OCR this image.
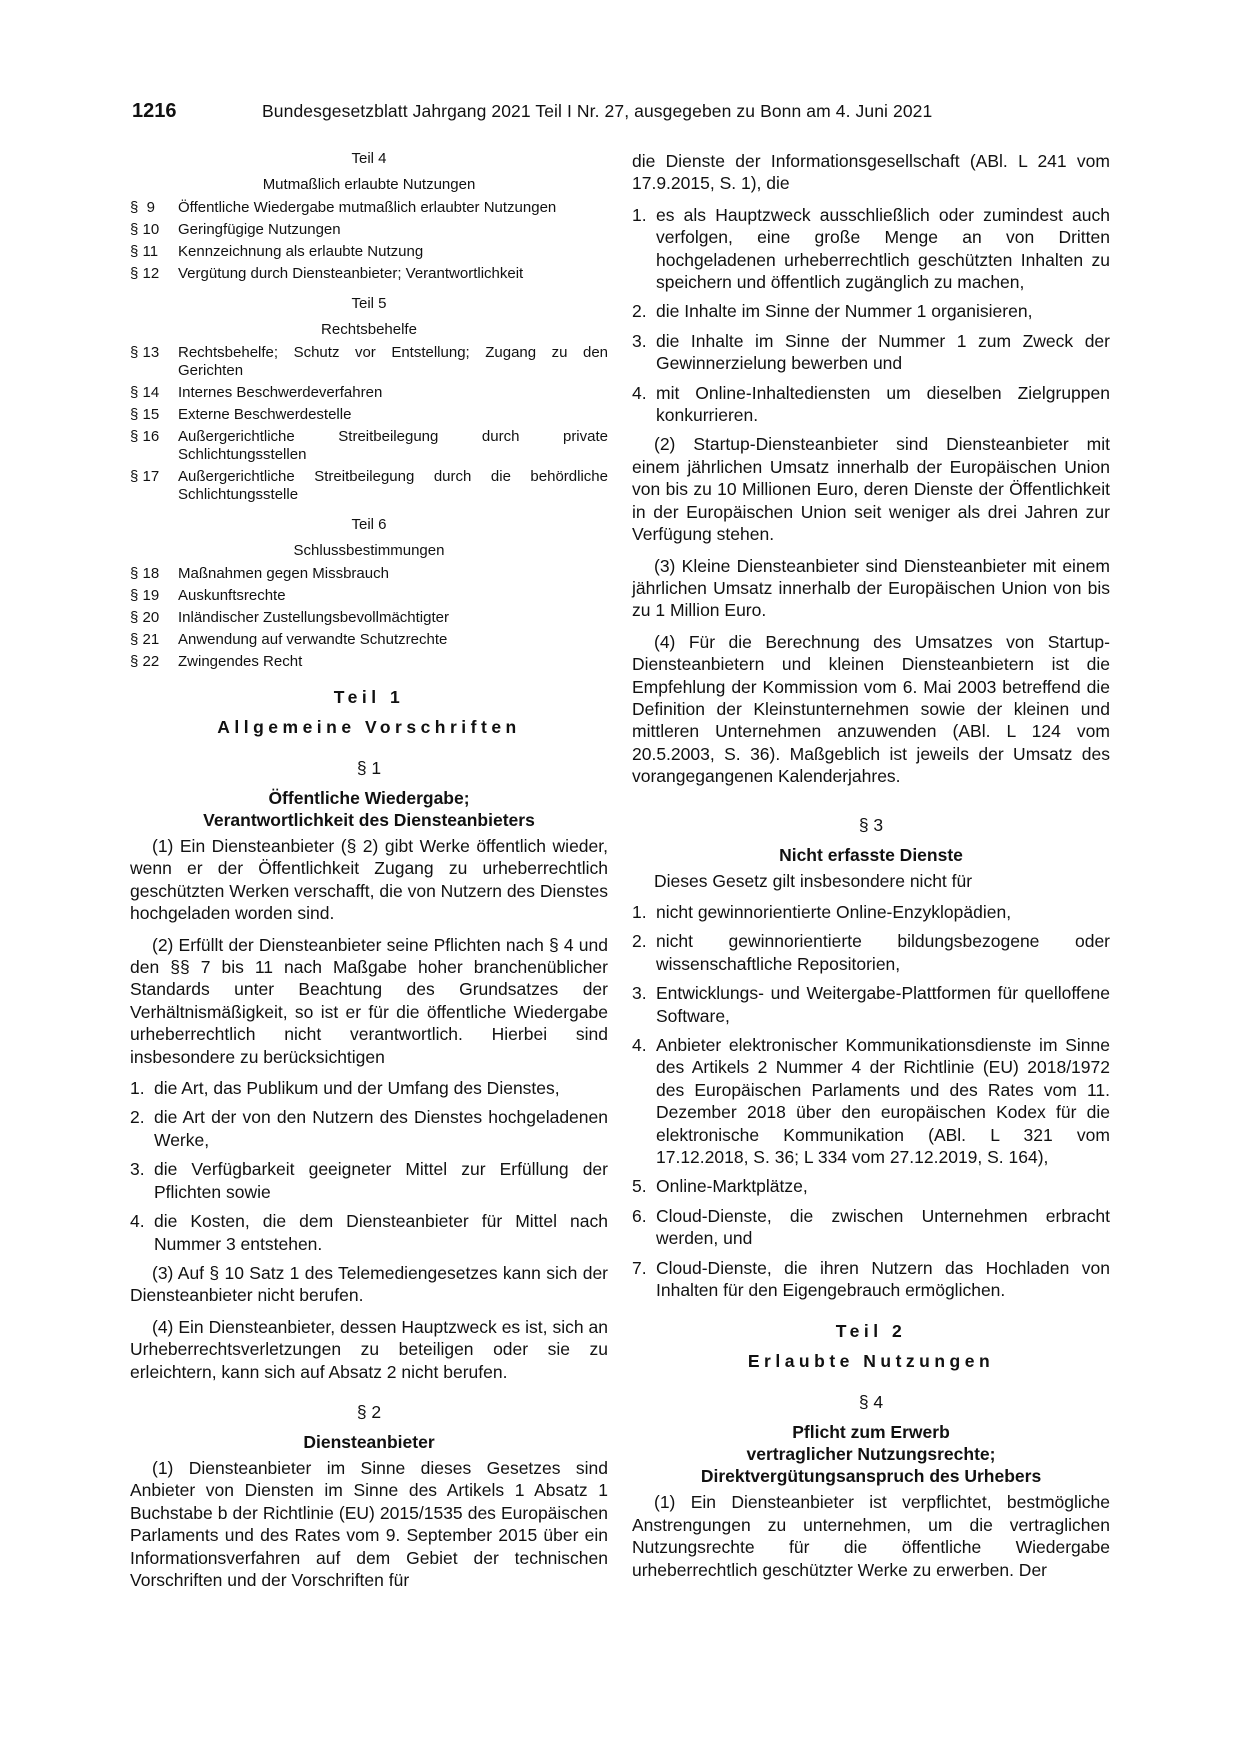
1216	Bundesgesetzblatt Jahrgang 2021 Teil I Nr. 27, ausgegeben zu Bonn am 4. Juni 2021
Teil 4
Mutmaßlich erlaubte Nutzungen
§  9	Öffentliche Wiedergabe mutmaßlich erlaubter Nutzungen
§ 10	Geringfügige Nutzungen
§ 11	Kennzeichnung als erlaubte Nutzung
§ 12	Vergütung durch Diensteanbieter; Verantwortlichkeit
Teil 5
Rechtsbehelfe
§ 13	Rechtsbehelfe; Schutz vor Entstellung; Zugang zu den Gerichten
§ 14	Internes Beschwerdeverfahren
§ 15	Externe Beschwerdestelle
§ 16	Außergerichtliche Streitbeilegung durch private Schlichtungsstellen
§ 17	Außergerichtliche Streitbeilegung durch die behördliche Schlichtungsstelle
Teil 6
Schlussbestimmungen
§ 18	Maßnahmen gegen Missbrauch
§ 19	Auskunftsrechte
§ 20	Inländischer Zustellungsbevollmächtigter
§ 21	Anwendung auf verwandte Schutzrechte
§ 22	Zwingendes Recht
Teil 1
Allgemeine Vorschriften
§ 1
Öffentliche Wiedergabe;
Verantwortlichkeit des Diensteanbieters

(1) Ein Diensteanbieter (§ 2) gibt Werke öffentlich wieder, wenn er der Öffentlichkeit Zugang zu urheberrechtlich geschützten Werken verschafft, die von Nutzern des Dienstes hochgeladen worden sind.

(2) Erfüllt der Diensteanbieter seine Pflichten nach § 4 und den §§ 7 bis 11 nach Maßgabe hoher branchenüblicher Standards unter Beachtung des Grundsatzes der Verhältnismäßigkeit, so ist er für die öffentliche Wiedergabe urheberrechtlich nicht verantwortlich. Hierbei sind insbesondere zu berücksichtigen

1. die Art, das Publikum und der Umfang des Dienstes,
2. die Art der von den Nutzern des Dienstes hochgeladenen Werke,
3. die Verfügbarkeit geeigneter Mittel zur Erfüllung der Pflichten sowie
4. die Kosten, die dem Diensteanbieter für Mittel nach Nummer 3 entstehen.

(3) Auf § 10 Satz 1 des Telemediengesetzes kann sich der Diensteanbieter nicht berufen.

(4) Ein Diensteanbieter, dessen Hauptzweck es ist, sich an Urheberrechtsverletzungen zu beteiligen oder sie zu erleichtern, kann sich auf Absatz 2 nicht berufen.

§ 2
Diensteanbieter

(1) Diensteanbieter im Sinne dieses Gesetzes sind Anbieter von Diensten im Sinne des Artikels 1 Absatz 1 Buchstabe b der Richtlinie (EU) 2015/1535 des Europäischen Parlaments und des Rates vom 9. September 2015 über ein Informationsverfahren auf dem Gebiet der technischen Vorschriften und der Vorschriften für

die Dienste der Informationsgesellschaft (ABl. L 241 vom 17.9.2015, S. 1), die

1. es als Hauptzweck ausschließlich oder zumindest auch verfolgen, eine große Menge an von Dritten hochgeladenen urheberrechtlich geschützten Inhalten zu speichern und öffentlich zugänglich zu machen,
2. die Inhalte im Sinne der Nummer 1 organisieren,
3. die Inhalte im Sinne der Nummer 1 zum Zweck der Gewinnerzielung bewerben und
4. mit Online-Inhaltediensten um dieselben Zielgruppen konkurrieren.

(2) Startup-Diensteanbieter sind Diensteanbieter mit einem jährlichen Umsatz innerhalb der Europäischen Union von bis zu 10 Millionen Euro, deren Dienste der Öffentlichkeit in der Europäischen Union seit weniger als drei Jahren zur Verfügung stehen.

(3) Kleine Diensteanbieter sind Diensteanbieter mit einem jährlichen Umsatz innerhalb der Europäischen Union von bis zu 1 Million Euro.

(4) Für die Berechnung des Umsatzes von Startup-Diensteanbietern und kleinen Diensteanbietern ist die Empfehlung der Kommission vom 6. Mai 2003 betreffend die Definition der Kleinstunternehmen sowie der kleinen und mittleren Unternehmen anzuwenden (ABl. L 124 vom 20.5.2003, S. 36). Maßgeblich ist jeweils der Umsatz des vorangegangenen Kalenderjahres.

§ 3
Nicht erfasste Dienste

Dieses Gesetz gilt insbesondere nicht für

1. nicht gewinnorientierte Online-Enzyklopädien,
2. nicht gewinnorientierte bildungsbezogene oder wissenschaftliche Repositorien,
3. Entwicklungs- und Weitergabe-Plattformen für quelloffene Software,
4. Anbieter elektronischer Kommunikationsdienste im Sinne des Artikels 2 Nummer 4 der Richtlinie (EU) 2018/1972 des Europäischen Parlaments und des Rates vom 11. Dezember 2018 über den europäischen Kodex für die elektronische Kommunikation (ABl. L 321 vom 17.12.2018, S. 36; L 334 vom 27.12.2019, S. 164),
5. Online-Marktplätze,
6. Cloud-Dienste, die zwischen Unternehmen erbracht werden, und
7. Cloud-Dienste, die ihren Nutzern das Hochladen von Inhalten für den Eigengebrauch ermöglichen.
Teil 2
Erlaubte Nutzungen
§ 4
Pflicht zum Erwerb
vertraglicher Nutzungsrechte;
Direktvergütungsanspruch des Urhebers

(1) Ein Diensteanbieter ist verpflichtet, bestmögliche Anstrengungen zu unternehmen, um die vertraglichen Nutzungsrechte für die öffentliche Wiedergabe urheberrechtlich geschützter Werke zu erwerben. Der
